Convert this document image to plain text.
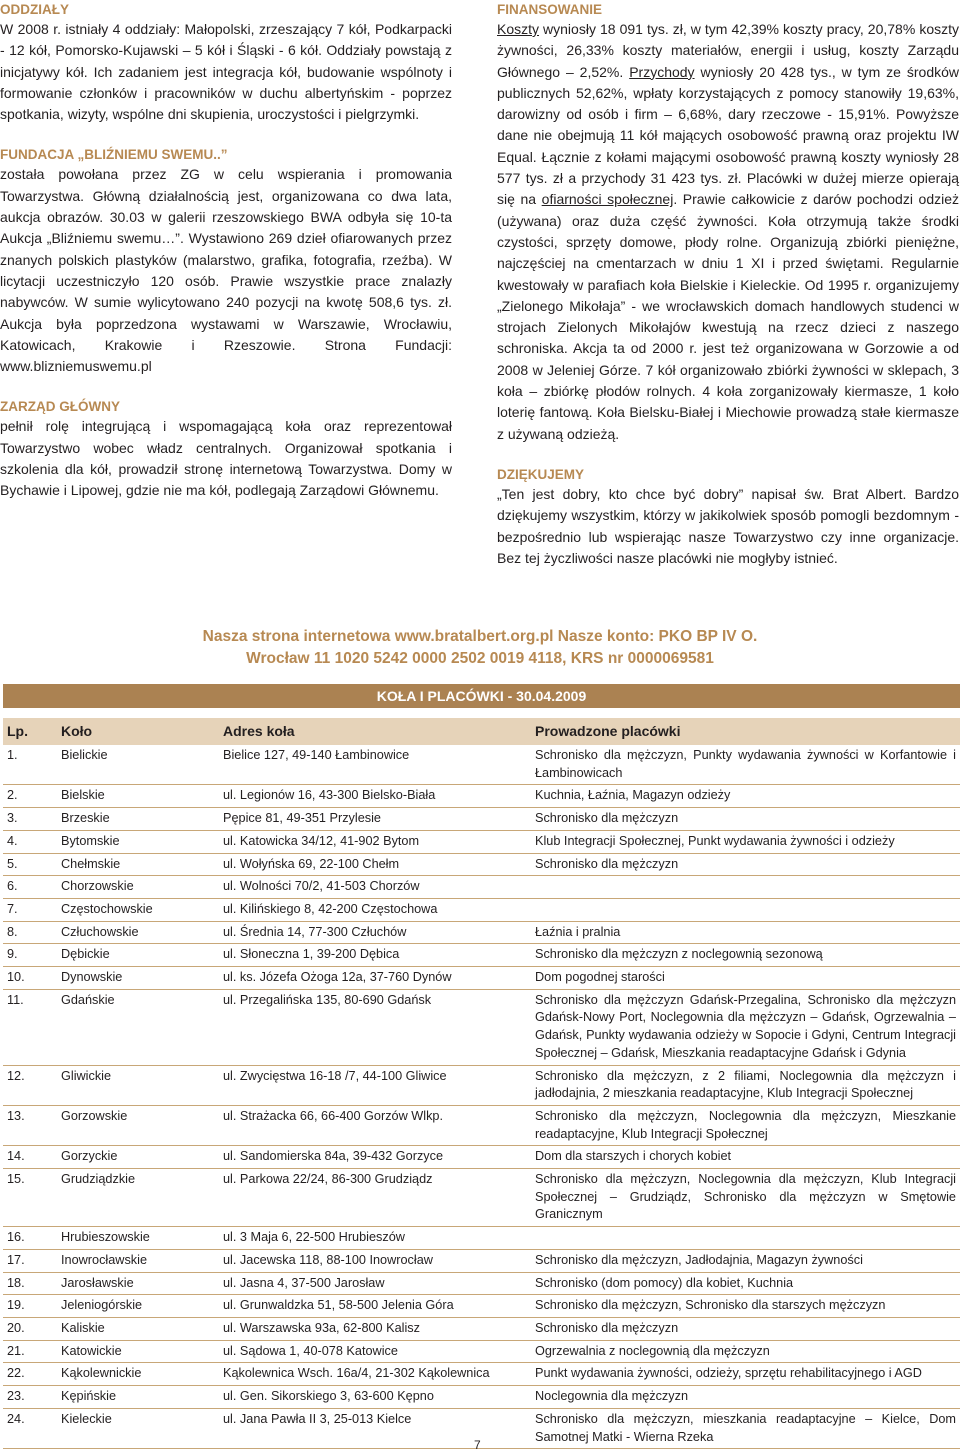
ODDZIAŁY

W 2008 r. istniały 4 oddziały: Małopolski, zrzeszający 7 kół, Podkarpacki - 12 kół, Pomorsko-Kujawski – 5 kół i Śląski - 6 kół. Oddziały powstają z inicjatywy kół. Ich zadaniem jest integracja kół, budowanie wspólnoty i formowanie członków i pracowników w duchu albertyńskim - poprzez spotkania, wizyty, wspólne dni skupienia, uroczystości i pielgrzymki.

FUNDACJA „BLIŹNIEMU SWEMU..”

została powołana przez ZG w celu wspierania i promowania Towarzystwa. Główną działalnością jest, organizowana co dwa lata, aukcja obrazów. 30.03 w galerii rzeszowskiego BWA odbyła się 10-ta Aukcja „Bliźniemu swemu…”. Wystawiono 269 dzieł ofiarowanych przez znanych polskich plastyków (malarstwo, grafika, fotografia, rzeźba). W licytacji uczestniczyło 120 osób. Prawie wszystkie prace znalazły nabywców. W sumie wylicytowano 240 pozycji na kwotę 508,6 tys. zł. Aukcja była poprzedzona wystawami w Warszawie, Wrocławiu, Katowicach, Krakowie i Rzeszowie. Strona Fundacji: www.blizniemuswemu.pl

ZARZĄD GŁÓWNY

pełnił rolę integrującą i wspomagającą koła oraz reprezentował Towarzystwo wobec władz centralnych. Organizował spotkania i szkolenia dla kół, prowadził stronę internetową Towarzystwa. Domy w Bychawie i Lipowej, gdzie nie ma kół, podlegają Zarządowi Głównemu.

FINANSOWANIE

Koszty wyniosły 18 091 tys. zł, w tym 42,39% koszty pracy, 20,78% koszty żywności, 26,33% koszty materiałów, energii i usług, koszty Zarządu Głównego – 2,52%. Przychody wyniosły 20 428 tys., w tym ze środków publicznych 52,62%, wpłaty korzystających z pomocy stanowiły 19,63%, darowizny od osób i firm – 6,68%, dary rzeczowe - 15,91%. Powyższe dane nie obejmują 11 kół mających osobowość prawną oraz projektu IW Equal. Łącznie z kołami mającymi osobowość prawną koszty wyniosły 28 577 tys. zł a przychody 31 423 tys. zł. Placówki w dużej mierze opierają się na ofiarności społecznej. Prawie całkowicie z darów pochodzi odzież (używana) oraz duża część żywności. Koła otrzymują także środki czystości, sprzęty domowe, płody rolne. Organizują zbiórki pieniężne, najczęściej na cmentarzach w dniu 1 XI i przed świętami. Regularnie kwestowały w parafiach koła Bielskie i Kieleckie. Od 1995 r. organizujemy „Zielonego Mikołaja” - we wrocławskich domach handlowych studenci w strojach Zielonych Mikołajów kwestują na rzecz dzieci z naszego schroniska. Akcja ta od 2000 r. jest też organizowana w Gorzowie a od 2008 w Jeleniej Górze. 7 kół organizowało zbiórki żywności w sklepach, 3 koła – zbiórkę płodów rolnych. 4 koła zorganizowały kiermasze, 1 koło loterię fantową. Koła Bielsku-Białej i Miechowie prowadzą stałe kiermasze z używaną odzieżą.

DZIĘKUJEMY

„Ten jest dobry, kto chce być dobry” napisał św. Brat Albert. Bardzo dziękujemy wszystkim, którzy w jakikolwiek sposób pomogli bezdomnym - bezpośrednio lub wspierając nasze Towarzystwo czy inne organizacje. Bez tej życzliwości nasze placówki nie mogłyby istnieć.

Nasza strona internetowa www.bratalbert.org.pl Nasze konto: PKO BP IV O.
Wrocław 11 1020 5242 0000 2502 0019 4118, KRS nr 0000069581
KOŁA I PLACÓWKI - 30.04.2009
Lp.	Koło	Adres koła	Prowadzone placówki
1.	Bielickie	Bielice 127, 49-140 Łambinowice	Schronisko dla mężczyzn, Punkty wydawania żywności w Korfantowie i Łambinowicach
2.	Bielskie	ul. Legionów 16, 43-300 Bielsko-Biała	Kuchnia, Łaźnia, Magazyn odzieży
3.	Brzeskie	Pępice 81, 49-351 Przylesie	Schronisko dla mężczyzn
4.	Bytomskie	ul. Katowicka 34/12, 41-902 Bytom	Klub Integracji Społecznej, Punkt wydawania żywności i odzieży
5.	Chełmskie	ul. Wołyńska 69, 22-100 Chełm	Schronisko dla mężczyzn
6.	Chorzowskie	ul. Wolności 70/2, 41-503 Chorzów	
7.	Częstochowskie	ul. Kilińskiego 8, 42-200 Częstochowa	
8.	Człuchowskie	ul. Średnia 14, 77-300 Człuchów	Łaźnia i pralnia
9.	Dębickie	ul. Słoneczna 1, 39-200 Dębica	Schronisko dla mężczyzn z noclegownią sezonową
10.	Dynowskie	ul. ks. Józefa Ożoga 12a, 37-760 Dynów	Dom pogodnej starości
11.	Gdańskie	ul. Przegalińska 135, 80-690 Gdańsk	Schronisko dla mężczyzn Gdańsk-Przegalina, Schronisko dla mężczyzn Gdańsk-Nowy Port, Noclegownia dla mężczyzn – Gdańsk, Ogrzewalnia – Gdańsk, Punkty wydawania odzieży w Sopocie i Gdyni, Centrum Integracji Społecznej – Gdańsk, Mieszkania readaptacyjne Gdańsk i Gdynia
12.	Gliwickie	ul. Zwycięstwa 16-18 /7, 44-100 Gliwice	Schronisko dla mężczyzn, z 2 filiami, Noclegownia dla mężczyzn i jadłodajnia, 2 mieszkania readaptacyjne, Klub Integracji Społecznej
13.	Gorzowskie	ul. Strażacka 66, 66-400 Gorzów Wlkp.	Schronisko dla mężczyzn, Noclegownia dla mężczyzn, Mieszkanie readaptacyjne, Klub Integracji Społecznej
14.	Gorzyckie	ul. Sandomierska 84a, 39-432 Gorzyce	Dom dla starszych i chorych kobiet
15.	Grudziądzkie	ul. Parkowa 22/24, 86-300 Grudziądz	Schronisko dla mężczyzn, Noclegownia dla mężczyzn, Klub Integracji Społecznej – Grudziądz, Schronisko dla mężczyzn w Smętowie Granicznym
16.	Hrubieszowskie	ul. 3 Maja 6, 22-500 Hrubieszów	
17.	Inowrocławskie	ul. Jacewska 118, 88-100 Inowrocław	Schronisko dla mężczyzn, Jadłodajnia, Magazyn żywności
18.	Jarosławskie	ul. Jasna 4, 37-500 Jarosław	Schronisko (dom pomocy) dla kobiet, Kuchnia
19.	Jeleniogórskie	ul. Grunwaldzka 51, 58-500 Jelenia Góra	Schronisko dla mężczyzn, Schronisko dla starszych mężczyzn
20.	Kaliskie	ul. Warszawska 93a, 62-800 Kalisz	Schronisko dla mężczyzn
21.	Katowickie	ul. Sądowa 1, 40-078 Katowice	Ogrzewalnia z noclegownią dla mężczyzn
22.	Kąkolewnickie	Kąkolewnica Wsch. 16a/4, 21-302 Kąkolewnica	Punkt wydawania żywności, odzieży, sprzętu rehabilitacyjnego i AGD
23.	Kępińskie	ul. Gen. Sikorskiego 3, 63-600 Kępno	Noclegownia dla mężczyzn
24.	Kieleckie	ul. Jana Pawła II 3, 25-013 Kielce	Schronisko dla mężczyzn, mieszkania readaptacyjne – Kielce, Dom Samotnej Matki - Wierna Rzeka
7
